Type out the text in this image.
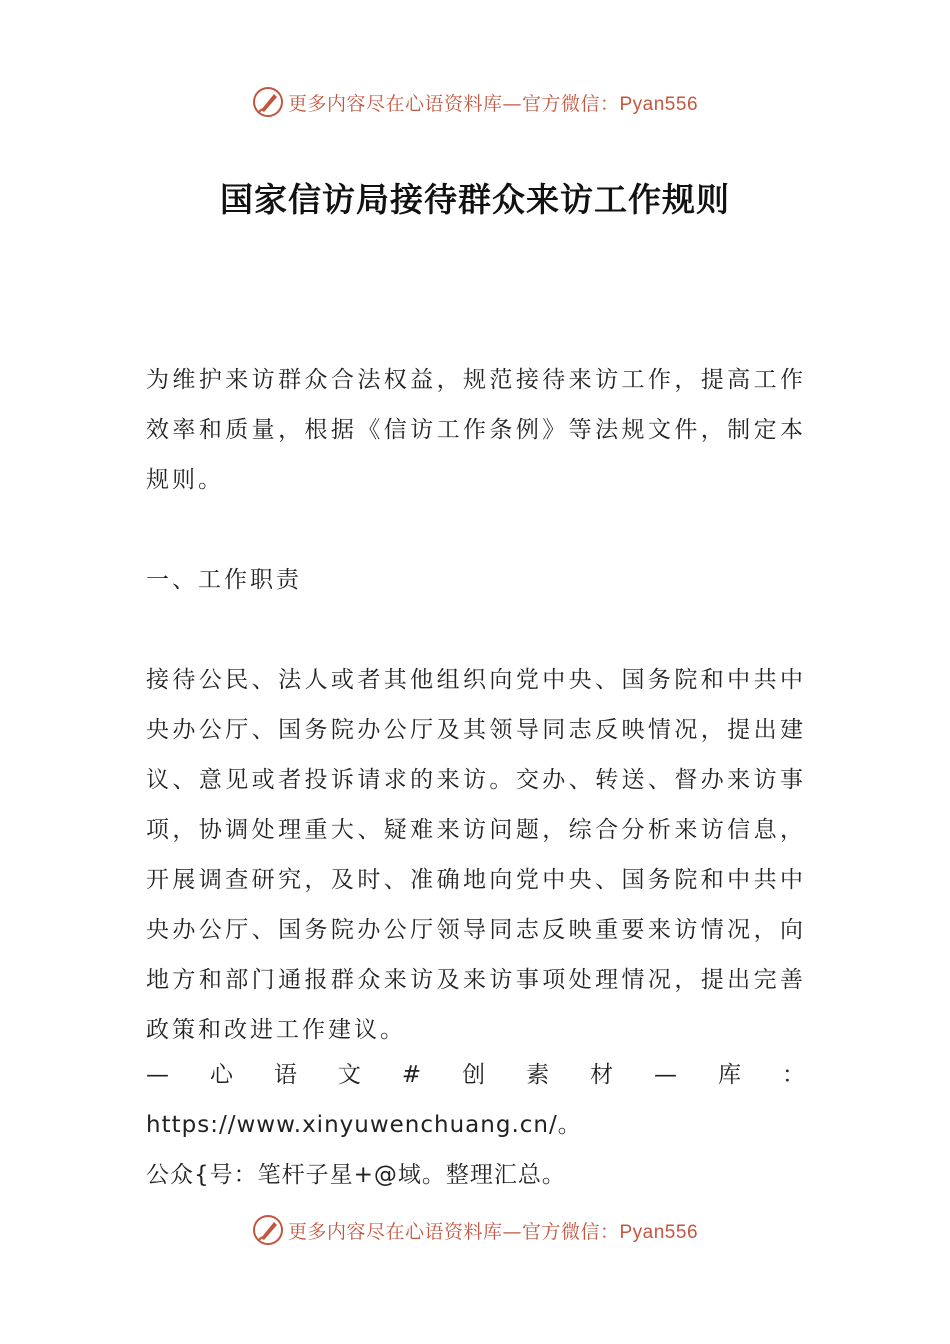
更多内容尽在心语资料库—官方微信：Pyan556
国家信访局接待群众来访工作规则
为维护来访群众合法权益，规范接待来访工作，提高工作效率和质量，根据《信访工作条例》等法规文件，制定本规则。
一、工作职责
接待公民、法人或者其他组织向党中央、国务院和中共中央办公厅、国务院办公厅及其领导同志反映情况，提出建议、意见或者投诉请求的来访。交办、转送、督办来访事项，协调处理重大、疑难来访问题，综合分析来访信息，开展调查研究，及时、准确地向党中央、国务院和中共中央办公厅、国务院办公厅领导同志反映重要来访情况，向地方和部门通报群众来访及来访事项处理情况，提出完善政策和改进工作建议。
—心语文#创素材—库：https://www.xinyuwenchuang.cn/。
公众{号：笔杆子星+@域。整理汇总。
更多内容尽在心语资料库—官方微信：Pyan556
